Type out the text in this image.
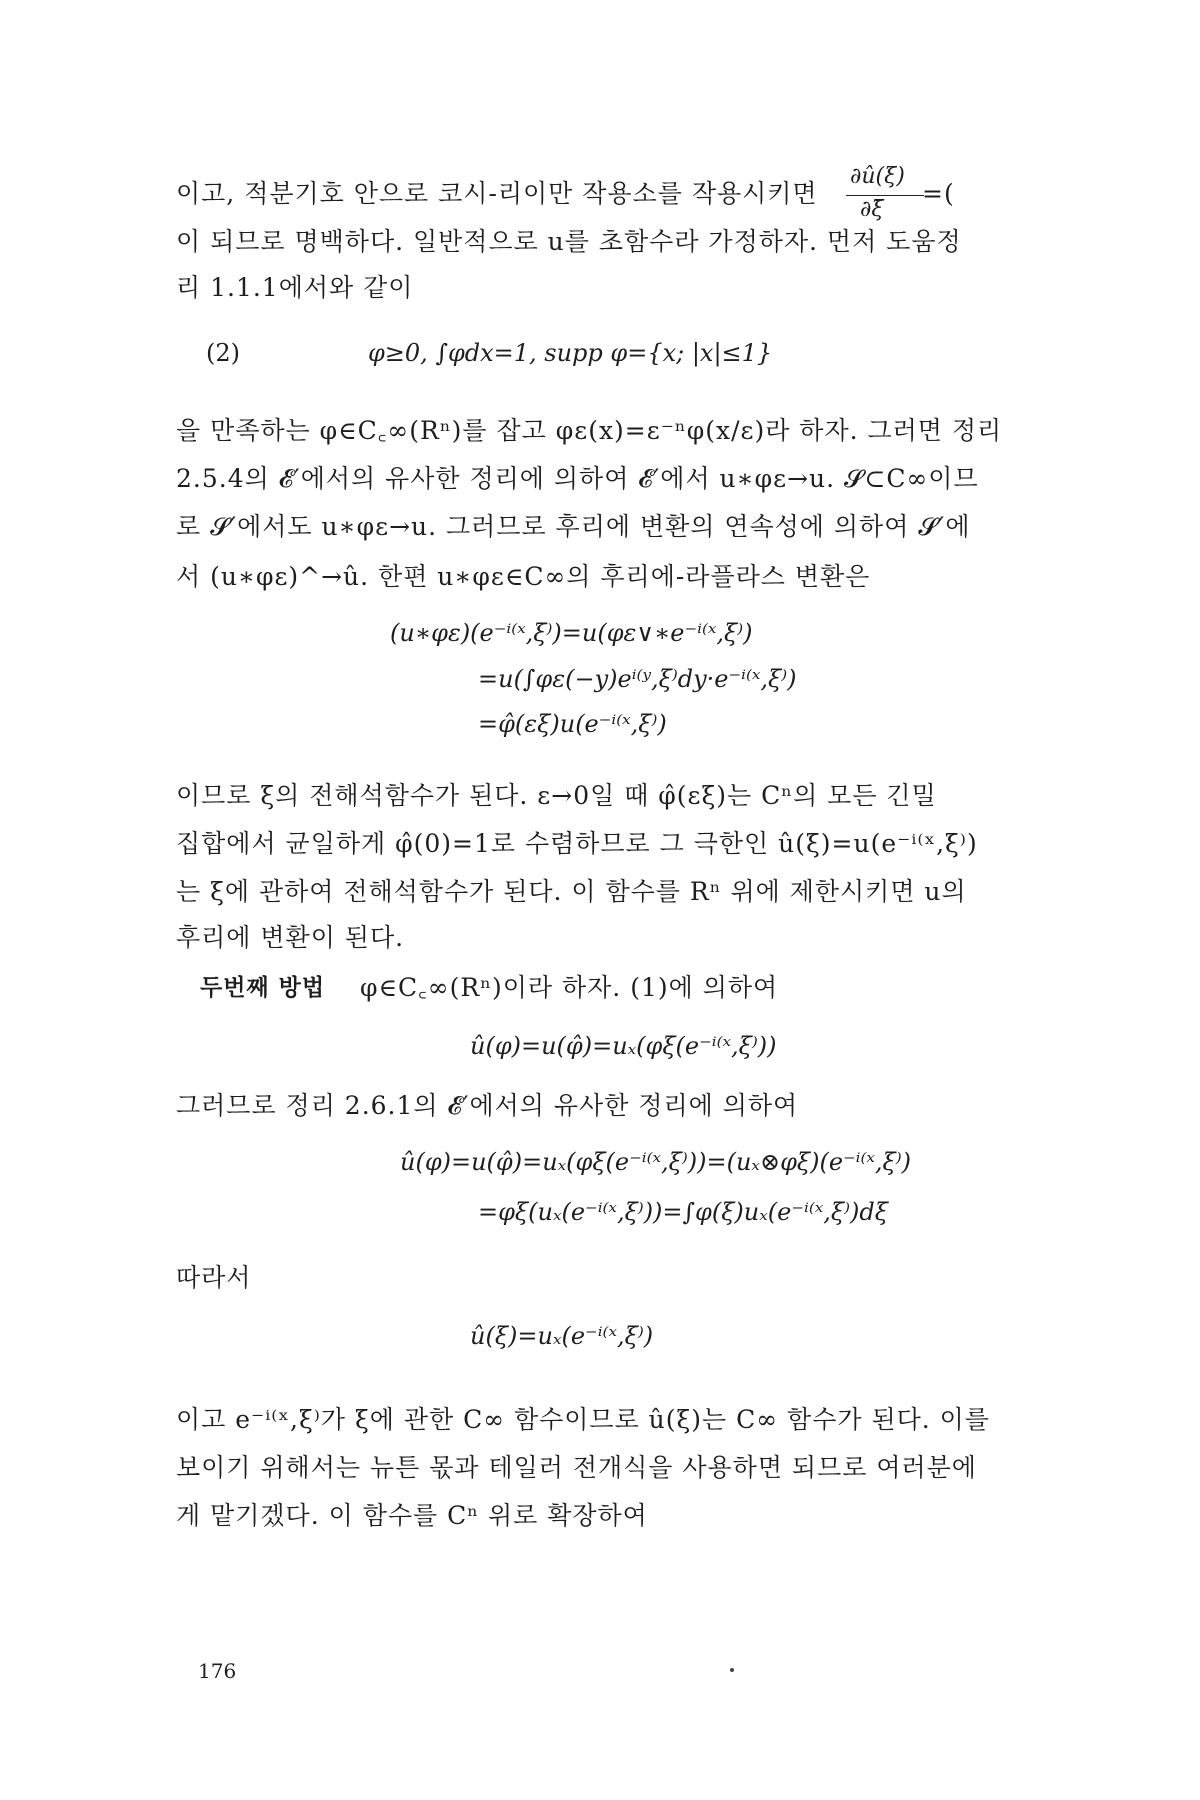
이고, 적분기호 안으로 코시-리이만 작용소를 작용시키면
∂û(ξ)
∂ξ̄
=(
이 되므로 명백하다. 일반적으로 u를 초함수라 가정하자. 먼저 도움정
리 1.1.1에서와 같이
(2)	φ≥0, ∫φdx=1, supp φ={x; |x|≤1}
을 만족하는 φ∈C꜀∞(Rⁿ)를 잡고 φε(x)=ε⁻ⁿφ(x/ε)라 하자. 그러면 정리
2.5.4의 𝓔′에서의 유사한 정리에 의하여 𝓔′에서 u∗φε→u. 𝓢⊂C∞이므
로 𝓢′에서도 u∗φε→u. 그러므로 후리에 변환의 연속성에 의하여 𝓢′에
서 (u∗φε)^→û. 한편 u∗φε∈C∞의 후리에-라플라스 변환은
(u∗φε)(e⁻ⁱ⁽ˣ,ξ⁾)=u(φε∨∗e⁻ⁱ⁽ˣ,ξ⁾)
=u(∫φε(−y)eⁱ⁽ʸ,ξ⁾dy·e⁻ⁱ⁽ˣ,ξ⁾)
=φ̂(εξ)u(e⁻ⁱ⁽ˣ,ξ⁾)
이므로 ξ의 전해석함수가 된다. ε→0일 때 φ̂(εξ)는 Cⁿ의 모든 긴밀
집합에서 균일하게 φ̂(0)=1로 수렴하므로 그 극한인 û(ξ)=u(e⁻ⁱ⁽ˣ,ξ⁾)
는 ξ에 관하여 전해석함수가 된다. 이 함수를 Rⁿ 위에 제한시키면 u의
후리에 변환이 된다.
두번째 방법 φ∈C꜀∞(Rⁿ)이라 하자. (1)에 의하여
û(φ)=u(φ̂)=uₓ(φξ(e⁻ⁱ⁽ˣ,ξ⁾))
그러므로 정리 2.6.1의 𝓔′에서의 유사한 정리에 의하여
û(φ)=u(φ̂)=uₓ(φξ(e⁻ⁱ⁽ˣ,ξ⁾))=(uₓ⊗φξ)(e⁻ⁱ⁽ˣ,ξ⁾)
=φξ(uₓ(e⁻ⁱ⁽ˣ,ξ⁾))=∫φ(ξ)uₓ(e⁻ⁱ⁽ˣ,ξ⁾)dξ
따라서
û(ξ)=uₓ(e⁻ⁱ⁽ˣ,ξ⁾)
이고 e⁻ⁱ⁽ˣ,ξ⁾가 ξ에 관한 C∞ 함수이므로 û(ξ)는 C∞ 함수가 된다. 이를
보이기 위해서는 뉴튼 몫과 테일러 전개식을 사용하면 되므로 여러분에
게 맡기겠다. 이 함수를 Cⁿ 위로 확장하여
176
